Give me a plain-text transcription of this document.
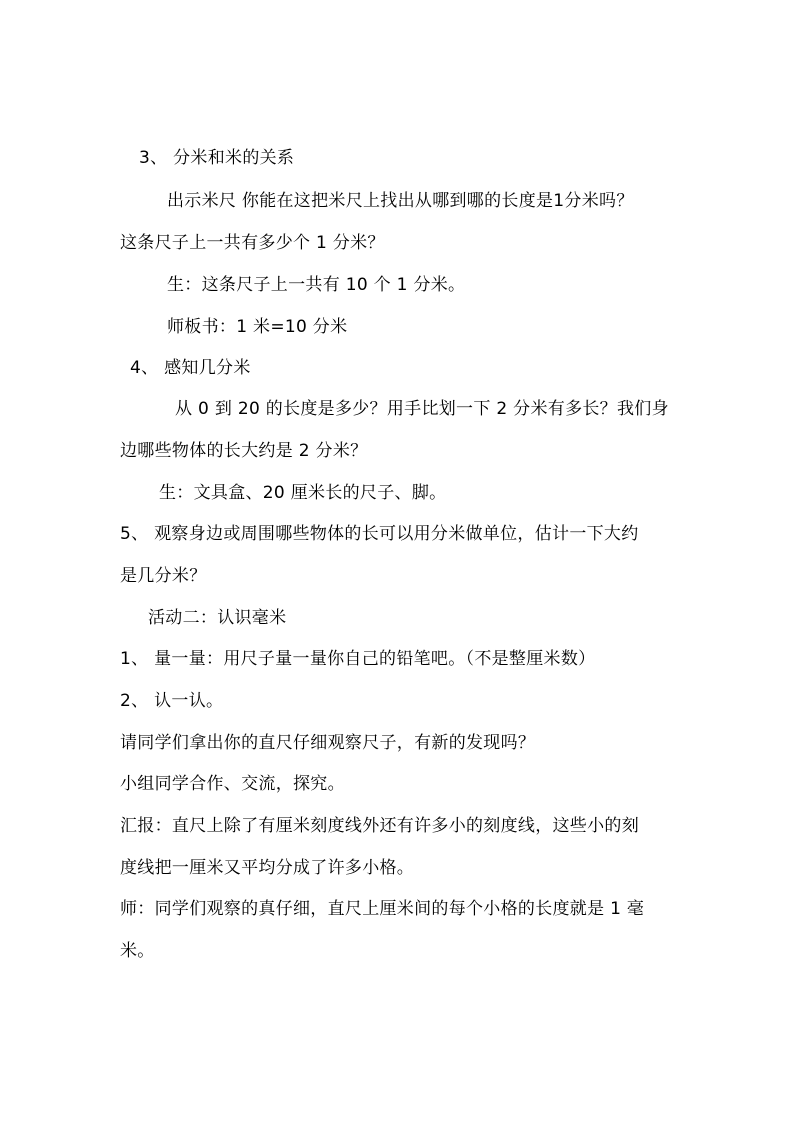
3、 分米和米的关系
出示米尺 你能在这把米尺上找出从哪到哪的长度是1分米吗？
这条尺子上一共有多少个 1 分米？
生：这条尺子上一共有 10 个 1 分米。
师板书：1 米=10 分米
4、 感知几分米
从 0 到 20 的长度是多少？用手比划一下 2 分米有多长？我们身
边哪些物体的长大约是 2 分米？
生：文具盒、20 厘米长的尺子、脚。
5、 观察身边或周围哪些物体的长可以用分米做单位，估计一下大约
是几分米？
活动二：认识毫米
1、 量一量：用尺子量一量你自己的铅笔吧。（不是整厘米数）
2、 认一认。
请同学们拿出你的直尺仔细观察尺子，有新的发现吗？
小组同学合作、交流，探究。
汇报：直尺上除了有厘米刻度线外还有许多小的刻度线，这些小的刻
度线把一厘米又平均分成了许多小格。
师：同学们观察的真仔细，直尺上厘米间的每个小格的长度就是 1 毫
米。
